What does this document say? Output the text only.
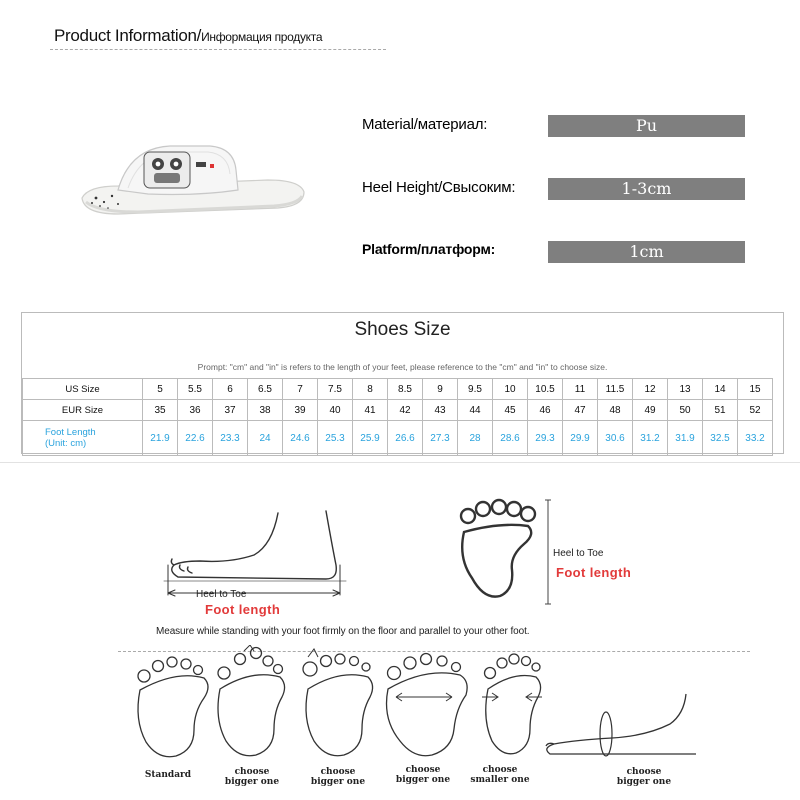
Product Information/Информация продукта
Material/материал:	Pu
Heel Height/Свысоким:	1-3cm
Platform/платформ:	1cm
Shoes Size
Prompt: "cm" and "in" is refers to the length of your feet, please reference to the "cm" and "in" to choose size.
US Size	5	5.5	6	6.5	7	7.5	8	8.5	9	9.5	10	10.5	11	11.5	12	13	14	15
EUR Size	35	36	37	38	39	40	41	42	43	44	45	46	47	48	49	50	51	52
Foot Length
(Unit: cm)	21.9	22.6	23.3	24	24.6	25.3	25.9	26.6	27.3	28	28.6	29.3	29.9	30.6	31.2	31.9	32.5	33.2
Heel to Toe
Foot length
Heel to Toe
Foot length
Measure while standing with your foot firmly on the floor and parallel to your other foot.
Standard	choose
bigger one
choose
bigger one
choose
bigger one
choose
smaller one
choose
bigger one
